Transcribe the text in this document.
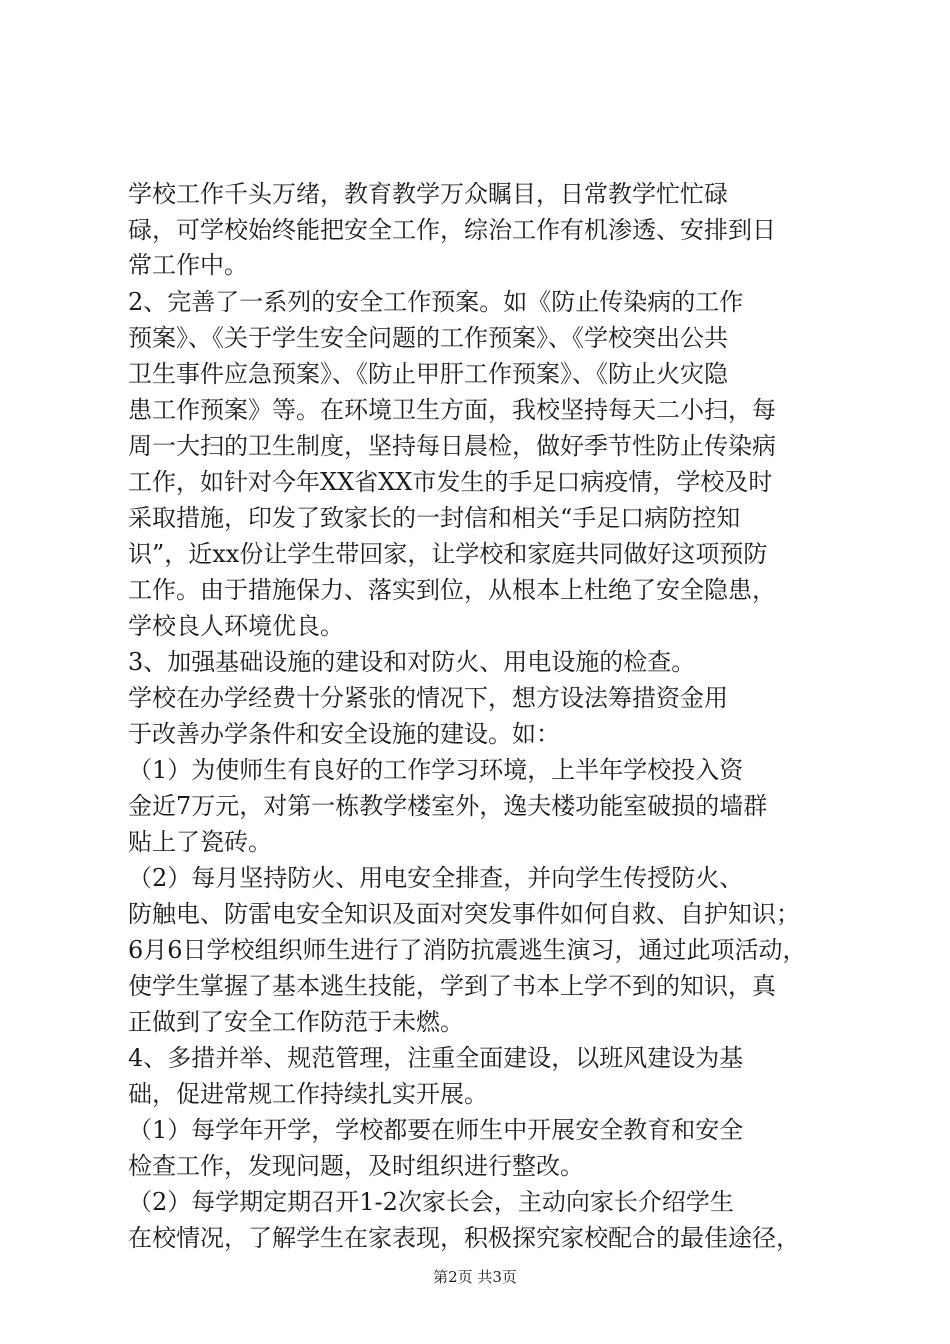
学校工作千头万绪，教育教学万众瞩目，日常教学忙忙碌
碌，可学校始终能把安全工作，综治工作有机渗透、安排到日
常工作中。
2、完善了一系列的安全工作预案。如《防止传染病的工作
预案》、《关于学生安全问题的工作预案》、《学校突出公共
卫生事件应急预案》、《防止甲肝工作预案》、《防止火灾隐
患工作预案》等。在环境卫生方面，我校坚持每天二小扫，每
周一大扫的卫生制度，坚持每日晨检，做好季节性防止传染病
工作，如针对今年XX省XX市发生的手足口病疫情，学校及时
采取措施，印发了致家长的一封信和相关“手足口病防控知
识”，近xx份让学生带回家，让学校和家庭共同做好这项预防
工作。由于措施保力、落实到位，从根本上杜绝了安全隐患，
学校良人环境优良。
3、加强基础设施的建设和对防火、用电设施的检查。
学校在办学经费十分紧张的情况下，想方设法筹措资金用
于改善办学条件和安全设施的建设。如：
（1）为使师生有良好的工作学习环境，上半年学校投入资
金近7万元，对第一栋教学楼室外，逸夫楼功能室破损的墙群
贴上了瓷砖。
（2）每月坚持防火、用电安全排查，并向学生传授防火、
防触电、防雷电安全知识及面对突发事件如何自救、自护知识；
6月6日学校组织师生进行了消防抗震逃生演习，通过此项活动，
使学生掌握了基本逃生技能，学到了书本上学不到的知识，真
正做到了安全工作防范于未燃。
4、多措并举、规范管理，注重全面建设，以班风建设为基
础，促进常规工作持续扎实开展。
（1）每学年开学，学校都要在师生中开展安全教育和安全
检查工作，发现问题，及时组织进行整改。
（2）每学期定期召开1-2次家长会，主动向家长介绍学生
在校情况，了解学生在家表现，积极探究家校配合的最佳途径，
第2页 共3页
